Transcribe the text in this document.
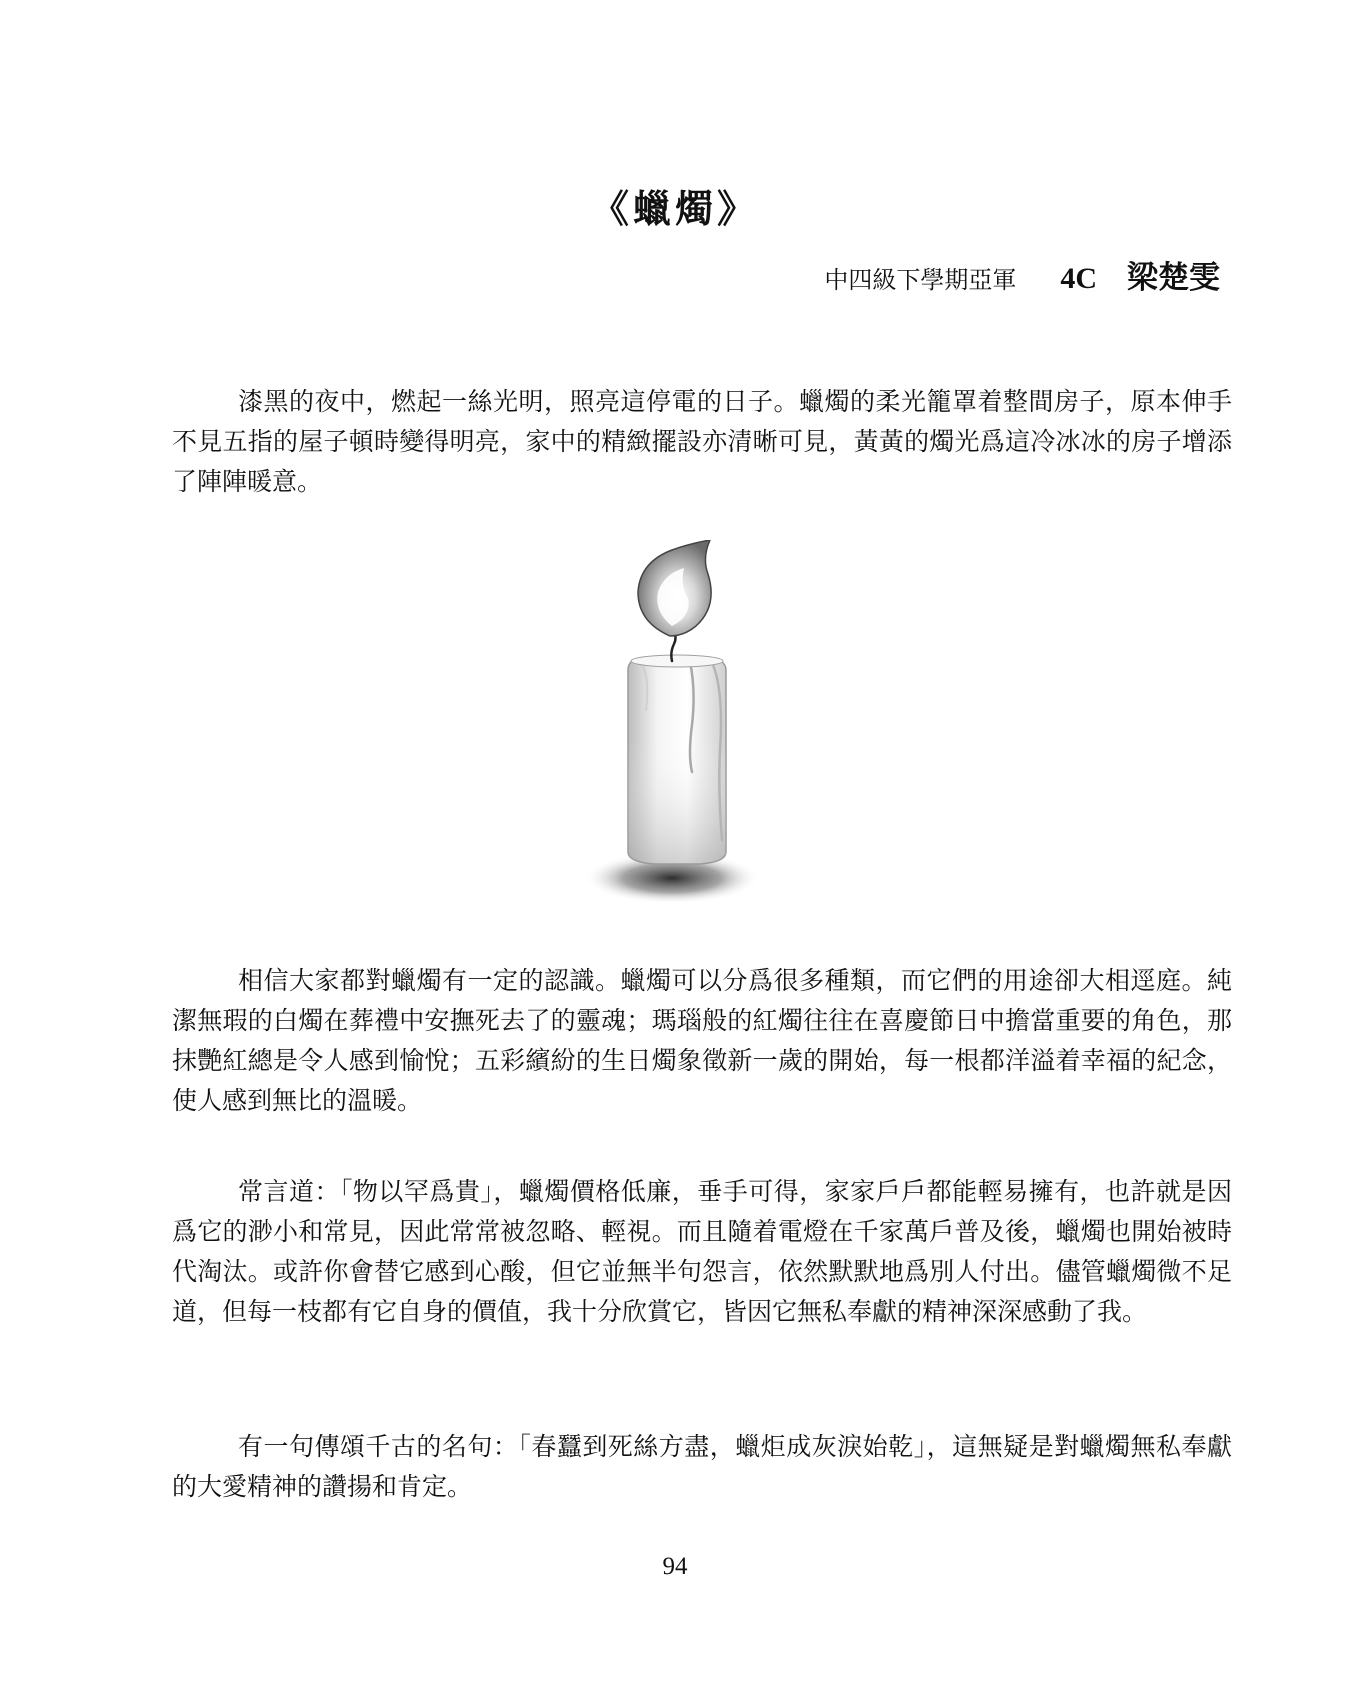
《蠟燭》
中四級下學期亞軍 4C 梁楚雯

漆黑的夜中，燃起一絲光明，照亮這停電的日子。蠟燭的柔光籠罩着整間房子，原本伸手不見五指的屋子頓時變得明亮，家中的精緻擺設亦清晰可見，黃黃的燭光爲這冷冰冰的房子增添了陣陣暖意。

相信大家都對蠟燭有一定的認識。蠟燭可以分爲很多種類，而它們的用途卻大相逕庭。純潔無瑕的白燭在葬禮中安撫死去了的靈魂；瑪瑙般的紅燭往往在喜慶節日中擔當重要的角色，那抹艷紅總是令人感到愉悅；五彩繽紛的生日燭象徵新一歲的開始，每一根都洋溢着幸福的紀念，使人感到無比的溫暖。

常言道：「物以罕爲貴」，蠟燭價格低廉，垂手可得，家家戶戶都能輕易擁有，也許就是因爲它的渺小和常見，因此常常被忽略、輕視。而且隨着電燈在千家萬戶普及後，蠟燭也開始被時代淘汰。或許你會替它感到心酸，但它並無半句怨言，依然默默地爲別人付出。儘管蠟燭微不足道，但每一枝都有它自身的價值，我十分欣賞它，皆因它無私奉獻的精神深深感動了我。

有一句傳頌千古的名句：「春蠶到死絲方盡，蠟炬成灰淚始乾」，這無疑是對蠟燭無私奉獻的大愛精神的讚揚和肯定。

94
